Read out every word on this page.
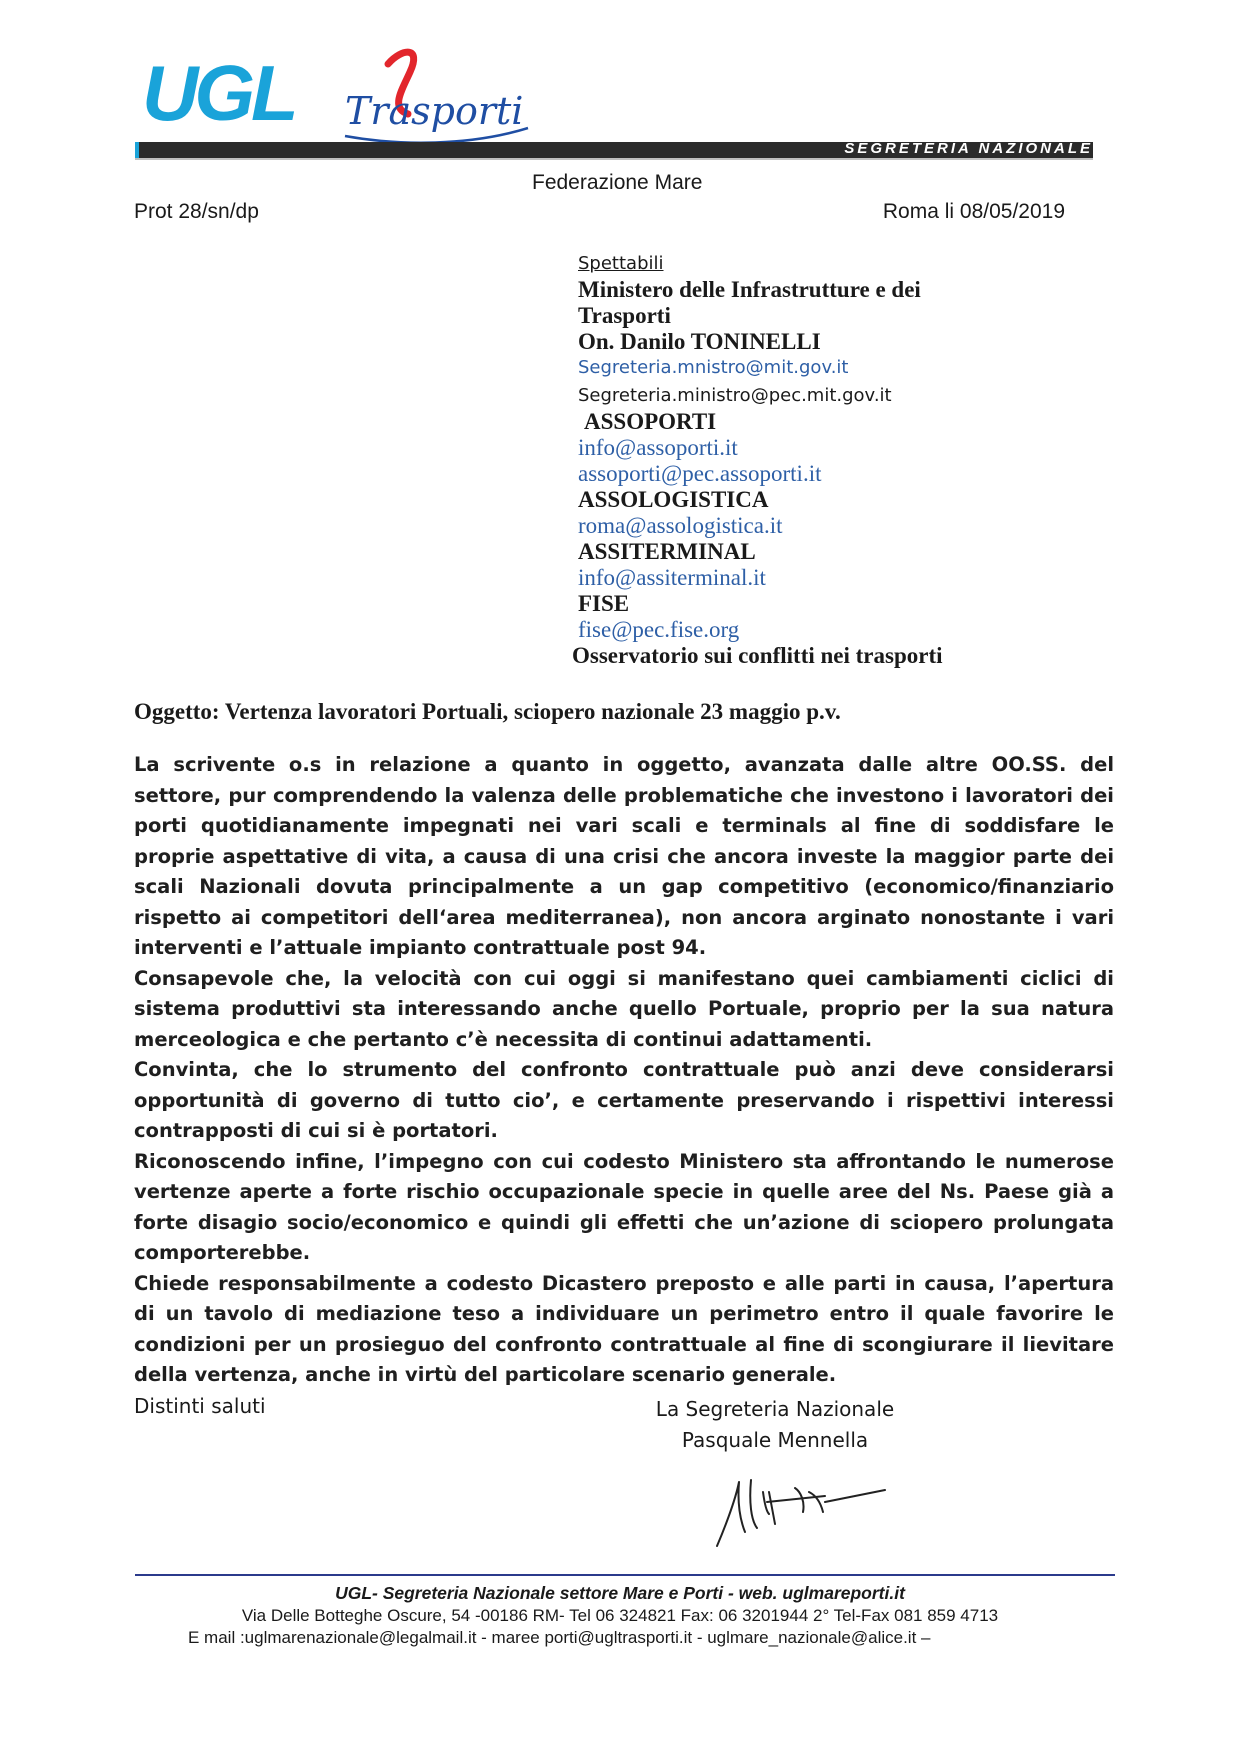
UGL Trasporti
SEGRETERIA NAZIONALE
Federazione Mare
Prot 28/sn/dp	Roma li 08/05/2019
Spettabili
Ministero delle Infrastrutture e dei
Trasporti
On. Danilo TONINELLI
Segreteria.mnistro@mit.gov.it
Segreteria.ministro@pec.mit.gov.it
ASSOPORTI
info@assoporti.it
assoporti@pec.assoporti.it
ASSOLOGISTICA
roma@assologistica.it
ASSITERMINAL
info@assiterminal.it
FISE
fise@pec.fise.org
Osservatorio sui conflitti nei trasporti
Oggetto: Vertenza lavoratori Portuali, sciopero nazionale 23 maggio p.v.

La scrivente o.s in relazione a quanto in oggetto, avanzata dalle altre OO.SS. del settore, pur comprendendo la valenza delle problematiche che investono i lavoratori dei porti quotidianamente impegnati nei vari scali e terminals al fine di soddisfare le proprie aspettative di vita, a causa di una crisi che ancora investe la maggior parte dei scali Nazionali dovuta principalmente a un gap competitivo (economico/finanziario rispetto ai competitori dell‘area mediterranea), non ancora arginato nonostante i vari interventi e l’attuale impianto contrattuale post 94.

Consapevole che, la velocità con cui oggi si manifestano quei cambiamenti ciclici di sistema produttivi sta interessando anche quello Portuale, proprio per la sua natura merceologica e che pertanto c’è necessita di continui adattamenti.

Convinta, che lo strumento del confronto contrattuale può anzi deve considerarsi opportunità di governo di tutto cio’, e certamente preservando i rispettivi interessi contrapposti di cui si è portatori.

Riconoscendo infine, l’impegno con cui codesto Ministero sta affrontando le numerose vertenze aperte a forte rischio occupazionale specie in quelle aree del Ns. Paese già a forte disagio socio/economico e quindi gli effetti che un’azione di sciopero prolungata comporterebbe.

Chiede responsabilmente a codesto Dicastero preposto e alle parti in causa, l’apertura di un tavolo di mediazione teso a individuare un perimetro entro il quale favorire le condizioni per un prosieguo del confronto contrattuale al fine di scongiurare il lievitare della vertenza, anche in virtù del particolare scenario generale.

Distinti saluti	La Segreteria Nazionale
Pasquale Mennella
UGL- Segreteria Nazionale settore Mare e Porti - web. uglmareporti.it
Via Delle Botteghe Oscure, 54 -00186 RM- Tel 06 324821 Fax: 06 3201944 2° Tel-Fax 081 859 4713
E mail :uglmarenazionale@legalmail.it - maree porti@ugltrasporti.it - uglmare_nazionale@alice.it –
